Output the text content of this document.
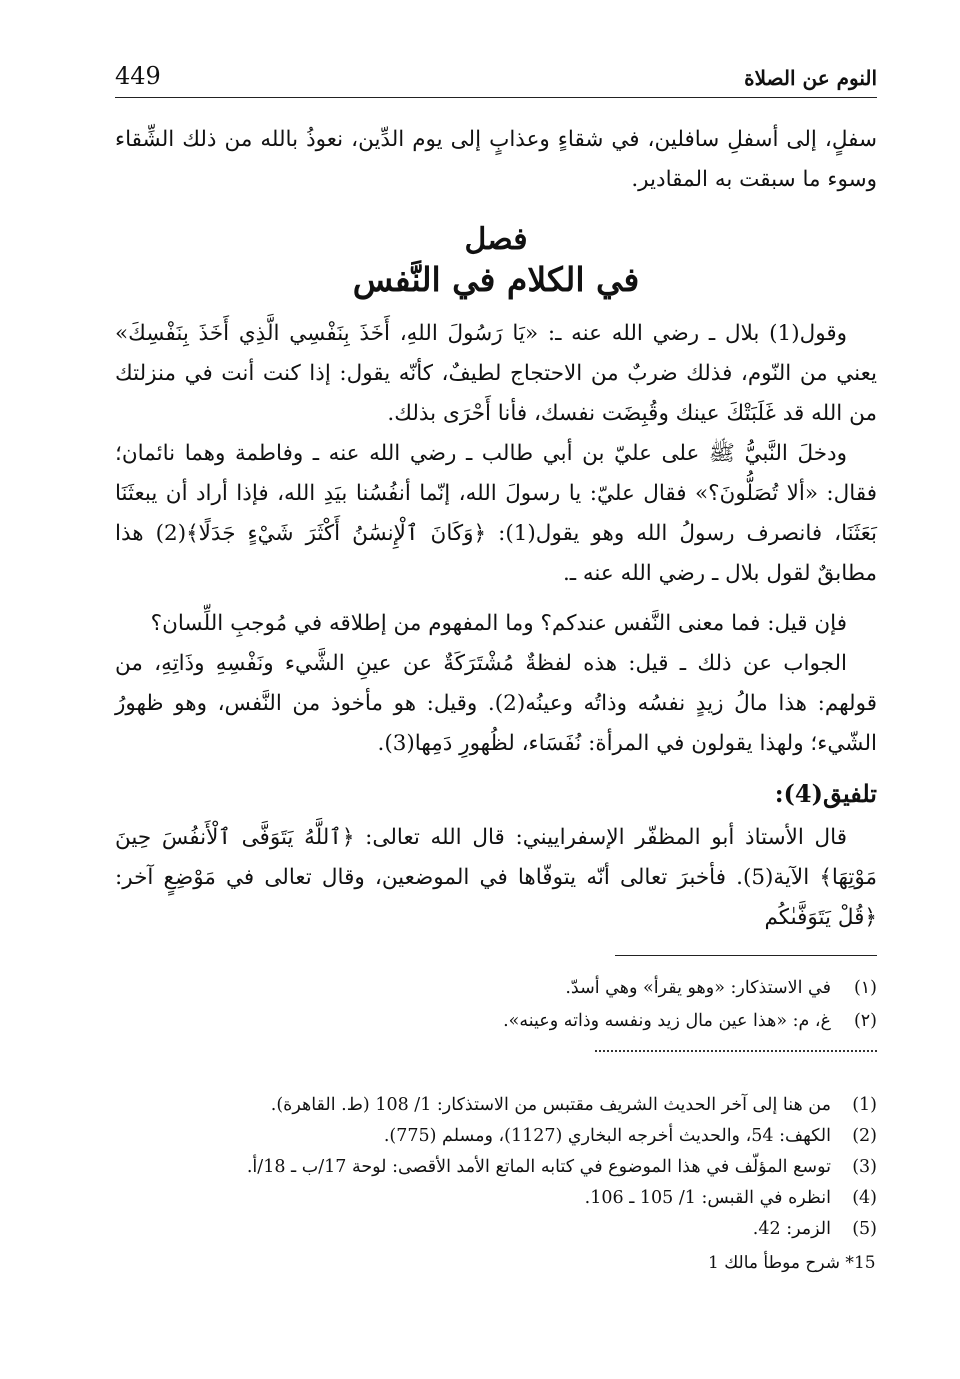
449	النوم عن الصلاة

سفلٍ، إلى أسفلِ سافلين، في شقاءٍ وعذابٍ إلى يوم الدِّين، نعوذُ بالله من ذلك الشِّقاء وسوء ما سبقت به المقادير.

فصل

في الكلام في النَّفس

وقول(1) بلال ـ رضي الله عنه ـ: «يَا رَسُولَ اللهِ، أَخَذَ بِنَفْسِي الَّذِي أَخَذَ بِنَفْسِكَ» يعني من النّوم، فذلك ضربٌ من الاحتجاج لطيفٌ، كأنّه يقول: إذا كنت أنت في منزلتك من الله قد غَلَبَتْكَ عينك وقُبِضَت نفسك، فأنا أَحْرَى بذلك.

ودخلَ النَّبيُّ ﷺ على عليّ بن أبي طالب ـ رضي الله عنه ـ وفاطمة وهما نائمان؛ فقال: «ألا تُصَلُّونَ؟» فقال عليّ: يا رسولَ الله، إنّما أنفُسُنا بيَدِ الله، فإذا أراد أن يبعثَنَا بَعَثَنَا، فانصرف رسولُ الله وهو يقول(1): ﴿وَكَانَ ٱلْإِنسَٰنُ أَكْثَرَ شَيْءٍ جَدَلًا﴾(2) هذا مطابقٌ لقول بلال ـ رضي الله عنه ـ.

فإن قيل: فما معنى النَّفس عندكم؟ وما المفهوم من إطلاقه في مُوجبِ اللِّسان؟

الجواب عن ذلك ـ قيل: هذه لفظةٌ مُشْتَرَكَةٌ عن عينِ الشَّيء ونَفْسِهِ وذَاتِهِ، من قولهم: هذا مالُ زيدٍ نفسُه وذاتُه وعينُه(2). وقيل: هو مأخوذ من النَّفس، وهو ظهورُ الشّيء؛ ولهذا يقولون في المرأة: نُفَسَاء، لظُهورِ دَمِها(3).

تلفيق(4):

قال الأستاذ أبو المظفّر الإسفراييني: قال الله تعالى: ﴿ٱللَّهُ يَتَوَفَّى ٱلْأَنفُسَ حِينَ مَوْتِهَا﴾ الآية(5). فأخبرَ تعالى أنّه يتوفّاها في الموضعين، وقال تعالى في مَوْضِعٍ آخر: ﴿قُلْ يَتَوَفَّىٰكُم

(١)
في الاستذكار: «وهو يقرأ» وهي أسدّ.
(٢)
غ، م: «هذا عين مال زيد ونفسه وذاته وعينه».
(1)
من هنا إلى آخر الحديث الشريف مقتبس من الاستذكار: 1/ 108 (ط. القاهرة).
(2)
الكهف: 54، والحديث أخرجه البخاري (1127)، ومسلم (775).
(3)
توسع المؤلّف في هذا الموضوع في كتابه الماتع الأمد الأقصى: لوحة 17/ب ـ 18/أ.
(4)
انظره في القبس: 1/ 105 ـ 106.
(5)
الزمر: 42.
15* شرح موطأ مالك 1
